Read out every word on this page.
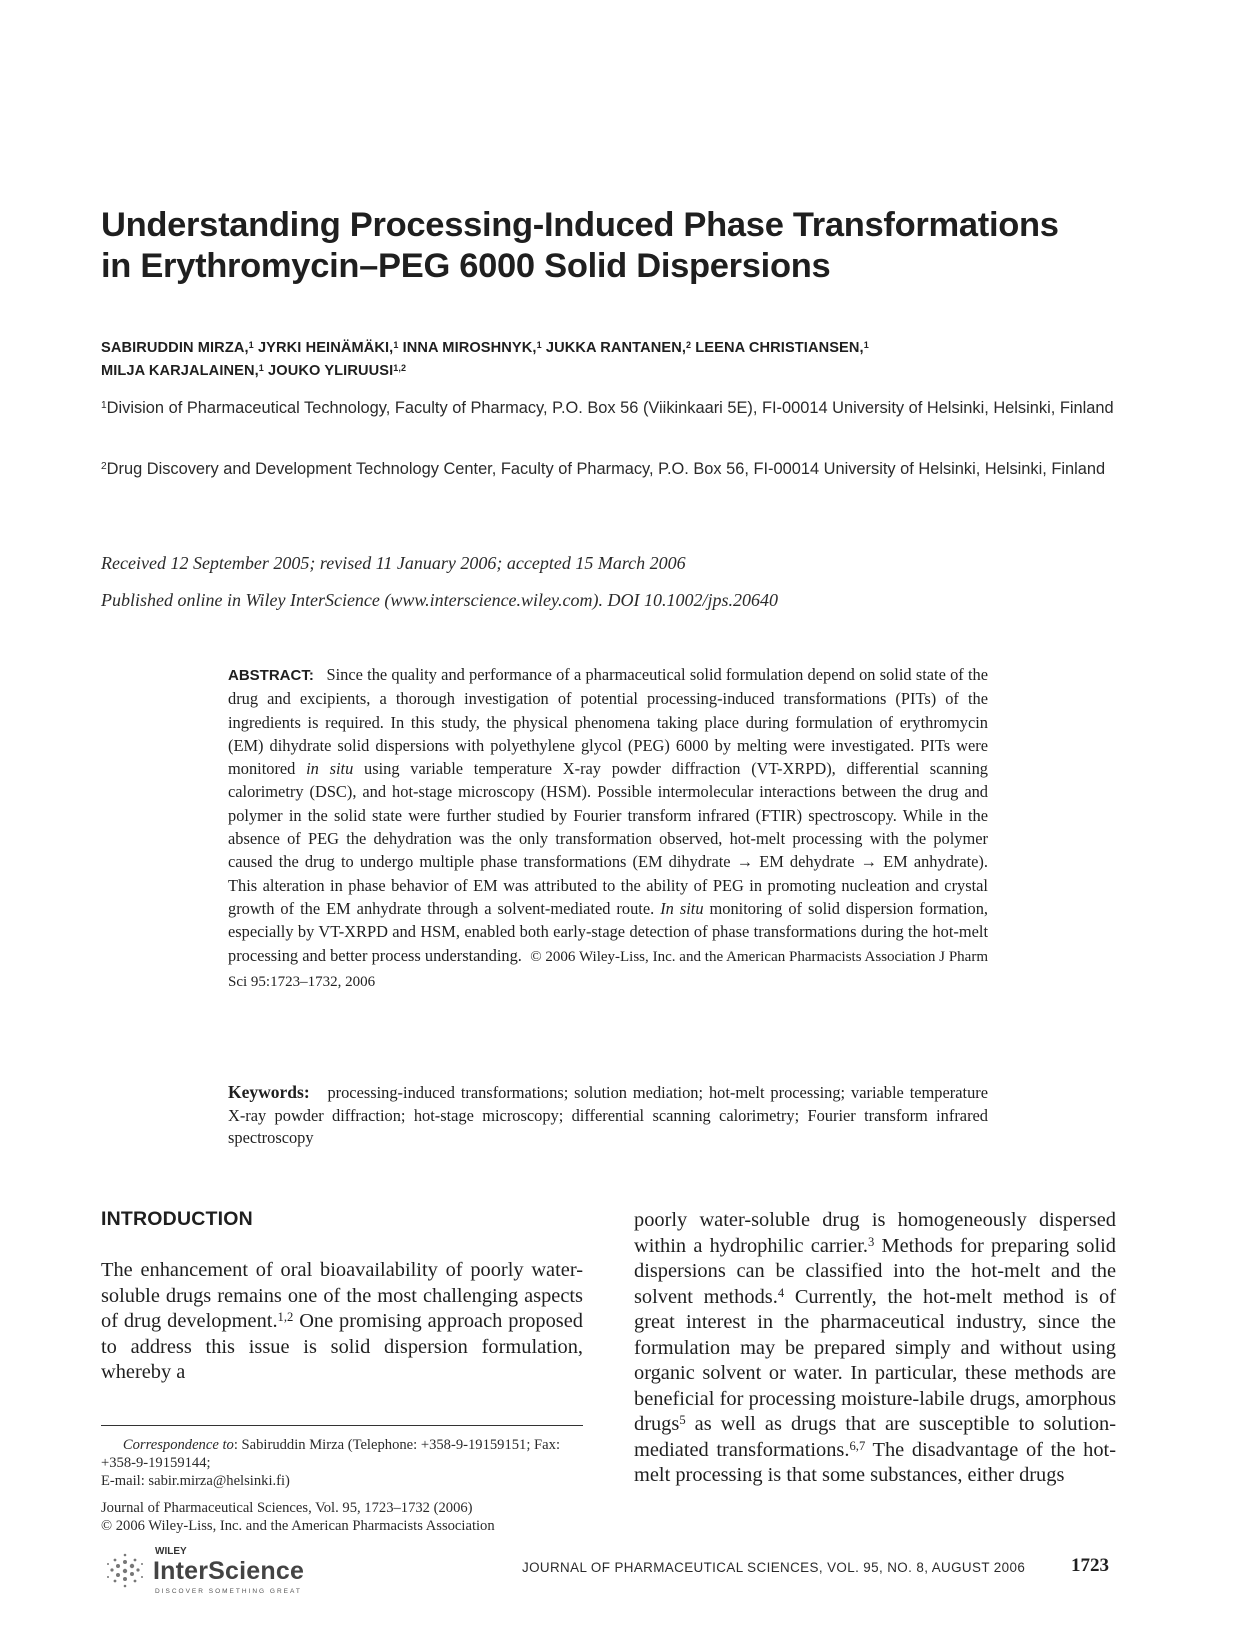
Understanding Processing-Induced Phase Transformations
in Erythromycin–PEG 6000 Solid Dispersions
SABIRUDDIN MIRZA,$^1$ JYRKI HEINÄMÄKI,$^1$ INNA MIROSHNYK,$^1$ JUKKA RANTANEN,$^2$ LEENA CHRISTIANSEN,$^1$
MILJA KARJALAINEN,$^1$ JOUKO YLIRUUSI$^{1,2}$
$^1$Division of Pharmaceutical Technology, Faculty of Pharmacy, P.O. Box 56 (Viikinkaari 5E), FI-00014 University of Helsinki, Helsinki, Finland
$^2$Drug Discovery and Development Technology Center, Faculty of Pharmacy, P.O. Box 56, FI-00014 University of Helsinki, Helsinki, Finland
Received 12 September 2005; revised 11 January 2006; accepted 15 March 2006
Published online in Wiley InterScience (www.interscience.wiley.com). DOI 10.1002/jps.20640
ABSTRACT: Since the quality and performance of a pharmaceutical solid formulation depend on solid state of the drug and excipients, a thorough investigation of potential processing-induced transformations (PITs) of the ingredients is required. In this study, the physical phenomena taking place during formulation of erythromycin (EM) dihydrate solid dispersions with polyethylene glycol (PEG) 6000 by melting were investigated. PITs were monitored in situ using variable temperature X-ray powder diffraction (VT-XRPD), differential scanning calorimetry (DSC), and hot-stage microscopy (HSM). Possible intermolecular interactions between the drug and polymer in the solid state were further studied by Fourier transform infrared (FTIR) spectroscopy. While in the absence of PEG the dehydration was the only transformation observed, hot-melt processing with the polymer caused the drug to undergo multiple phase transformations (EM dihydrate → EM dehydrate → EM anhydrate). This alteration in phase behavior of EM was attributed to the ability of PEG in promoting nucleation and crystal growth of the EM anhydrate through a solvent-mediated route. In situ monitoring of solid dispersion formation, especially by VT-XRPD and HSM, enabled both early-stage detection of phase transformations during the hot-melt processing and better process understanding. © 2006 Wiley-Liss, Inc. and the American Pharmacists Association J Pharm Sci 95:1723–1732, 2006
Keywords: processing-induced transformations; solution mediation; hot-melt processing; variable temperature X-ray powder diffraction; hot-stage microscopy; differential scanning calorimetry; Fourier transform infrared spectroscopy
INTRODUCTION

The enhancement of oral bioavailability of poorly water-soluble drugs remains one of the most challenging aspects of drug development.$^{1,2}$ One promising approach proposed to address this issue is solid dispersion formulation, whereby a

poorly water-soluble drug is homogeneously dispersed within a hydrophilic carrier.$^3$ Methods for preparing solid dispersions can be classified into the hot-melt and the solvent methods.$^4$ Currently, the hot-melt method is of great interest in the pharmaceutical industry, since the formulation may be prepared simply and without using organic solvent or water. In particular, these methods are beneficial for processing moisture-labile drugs, amorphous drugs$^5$ as well as drugs that are susceptible to solution-mediated transformations.$^{6,7}$ The disadvantage of the hot-melt processing is that some substances, either drugs

Correspondence to: Sabiruddin Mirza (Telephone: +358-9-19159151; Fax: +358-9-19159144;
E-mail: sabir.mirza@helsinki.fi)
Journal of Pharmaceutical Sciences, Vol. 95, 1723–1732 (2006)
© 2006 Wiley-Liss, Inc. and the American Pharmacists Association
WILEY
InterScience
DISCOVER SOMETHING GREAT
JOURNAL OF PHARMACEUTICAL SCIENCES, VOL. 95, NO. 8, AUGUST 2006 1723
